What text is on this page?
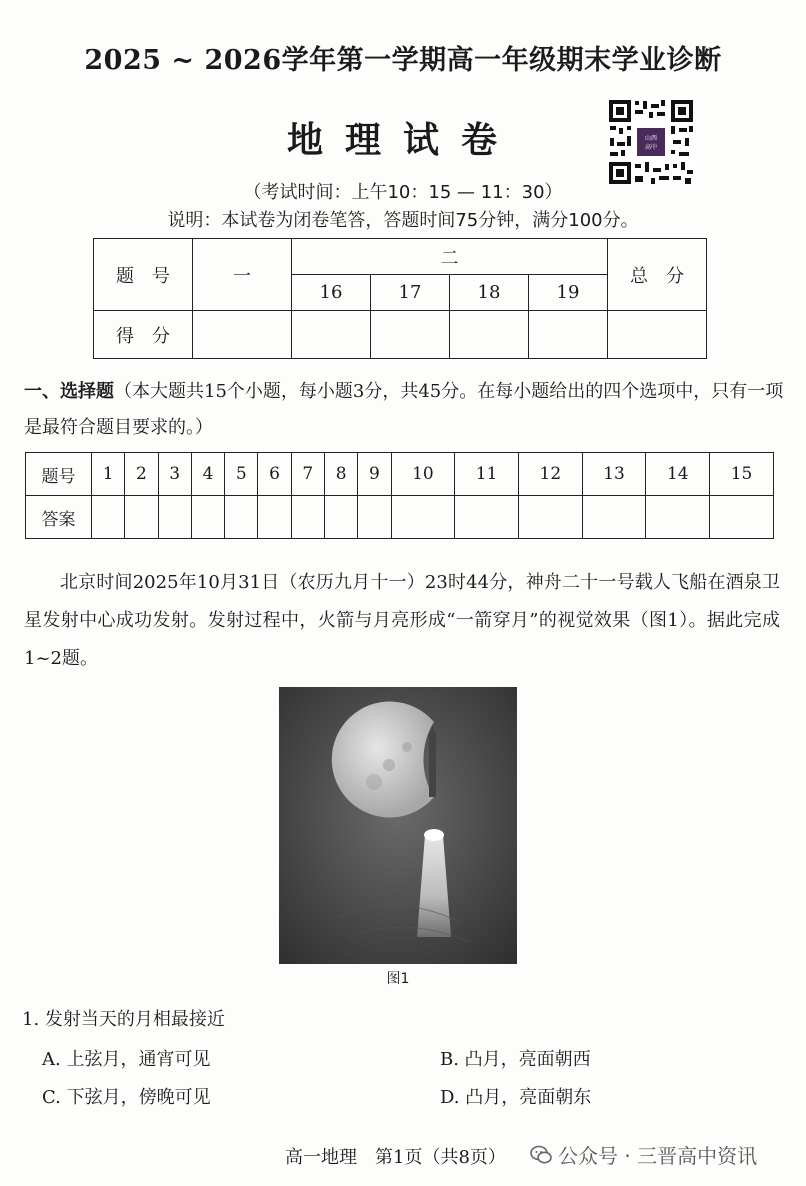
2025 ~ 2026学年第一学期高一年级期末学业诊断
地理试卷	山西
高中
（考试时间：上午10：15 — 11：30）
说明：本试卷为闭卷笔答，答题时间75分钟，满分100分。
题　号	一	二				总　分
		16	17	18	19	
得　分						
一、选择题（本大题共15个小题，每小题3分，共45分。在每小题给出的四个选项中，只有一项是最符合题目要求的。）
题号	1	2	3	4	5	6	7	8	9	10	11	12	13	14	15
答案															
北京时间2025年10月31日（农历九月十一）23时44分，神舟二十一号载人飞船在酒泉卫星发射中心成功发射。发射过程中，火箭与月亮形成“一箭穿月”的视觉效果（图1）。据此完成1~2题。
图1
1. 发射当天的月相最接近
A. 上弦月，通宵可见	B. 凸月，亮面朝西
C. 下弦月，傍晚可见	D. 凸月，亮面朝东
高一地理　第1页（共8页）	公众号 · 三晋高中资讯
